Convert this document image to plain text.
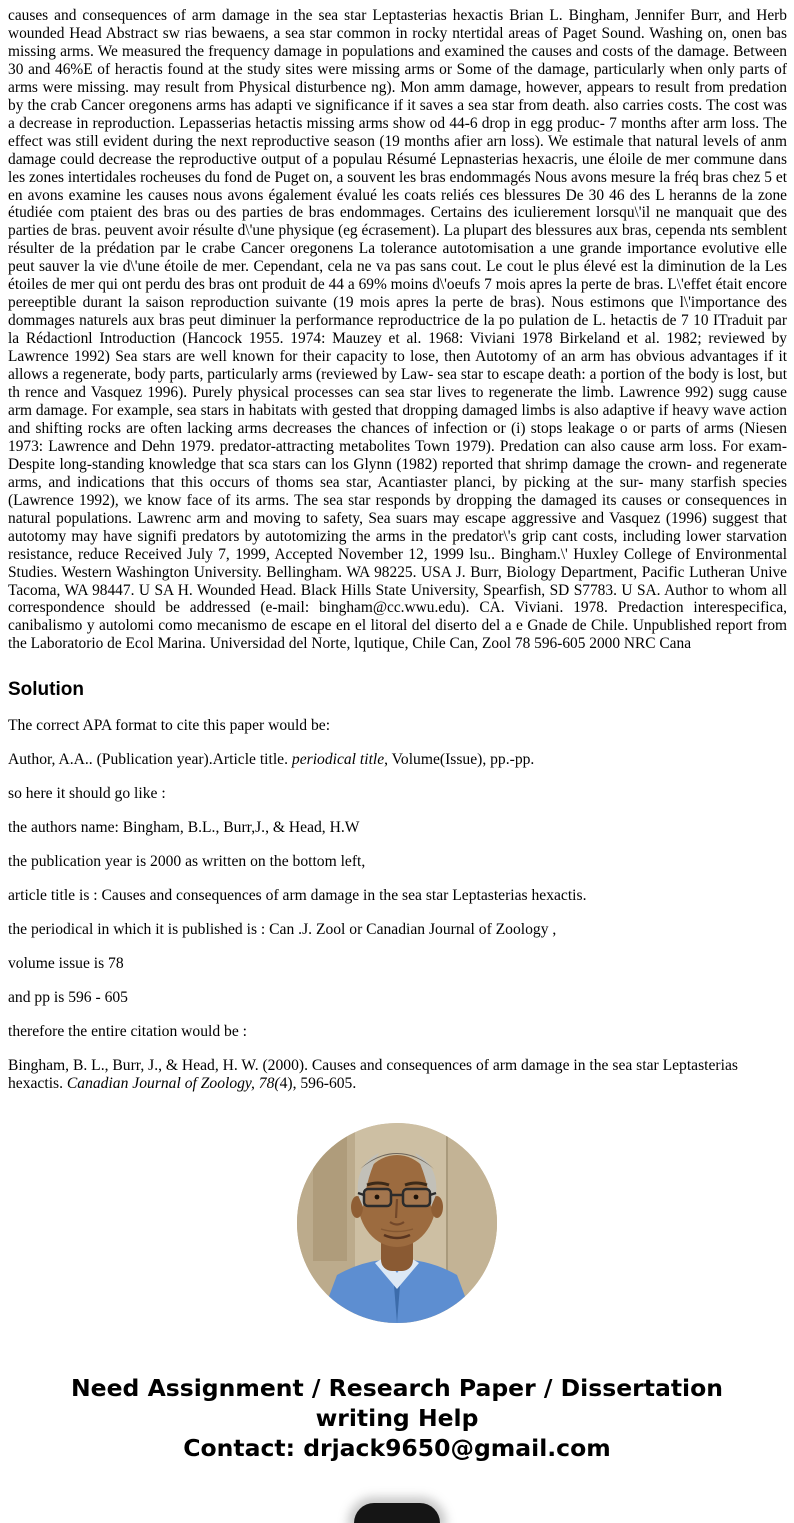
causes and consequences of arm damage in the sea star Leptasterias hexactis Brian L. Bingham, Jennifer Burr, and Herb wounded Head Abstract sw rias bewaens, a sea star common in rocky ntertidal areas of Paget Sound. Washing on, onen bas missing arms. We measured the frequency damage in populations and examined the causes and costs of the damage. Between 30 and 46%E of heractis found at the study sites were missing arms or Some of the damage, particularly when only parts of arms were missing. may result from Physical disturbence ng). Mon amm damage, however, appears to result from predation by the crab Cancer oregonens arms has adapti ve significance if it saves a sea star from death. also carries costs. The cost was a decrease in reproduction. Lepasserias hetactis missing arms show od 44-6 drop in egg produc- 7 months after arm loss. The effect was still evident during the next reproductive season (19 months afier arn loss). We estimale that natural levels of anm damage could decrease the reproductive output of a populau Résumé Lepnasterias hexacris, une éloile de mer commune dans les zones intertidales rocheuses du fond de Puget on, a souvent les bras endommagés Nous avons mesure la fréq bras chez 5 et en avons examine les causes nous avons également évalué les coats reliés ces blessures De 30 46 des L heranns de la zone étudiée com ptaient des bras ou des parties de bras endommages. Certains des iculierement lorsqu\'il ne manquait que des parties de bras. peuvent avoir résulte d\'une physique (eg écrasement). La plupart des blessures aux bras, cependa nts semblent résulter de la prédation par le crabe Cancer oregonens La tolerance autotomisation a une grande importance evolutive elle peut sauver la vie d\'une étoile de mer. Cependant, cela ne va pas sans cout. Le cout le plus élevé est la diminution de la Les étoiles de mer qui ont perdu des bras ont produit de 44 a 69% moins d\'oeufs 7 mois apres la perte de bras. L\'effet était encore pereeptible durant la saison reproduction suivante (19 mois apres la perte de bras). Nous estimons que l\'importance des dommages naturels aux bras peut diminuer la performance reproductrice de la po pulation de L. hetactis de 7 10 ITraduit par la Rédactionl Introduction (Hancock 1955. 1974: Mauzey et al. 1968: Viviani 1978 Birkeland et al. 1982; reviewed by Lawrence 1992) Sea stars are well known for their capacity to lose, then Autotomy of an arm has obvious advantages if it allows a regenerate, body parts, particularly arms (reviewed by Law- sea star to escape death: a portion of the body is lost, but th rence and Vasquez 1996). Purely physical processes can sea star lives to regenerate the limb. Lawrence 992) sugg cause arm damage. For example, sea stars in habitats with gested that dropping damaged limbs is also adaptive if heavy wave action and shifting rocks are often lacking arms decreases the chances of infection or (i) stops leakage o or parts of arms (Niesen 1973: Lawrence and Dehn 1979. predator-attracting metabolites Town 1979). Predation can also cause arm loss. For exam- Despite long-standing knowledge that sca stars can los Glynn (1982) reported that shrimp damage the crown- and regenerate arms, and indications that this occurs of thoms sea star, Acantiaster planci, by picking at the sur- many starfish species (Lawrence 1992), we know face of its arms. The sea star responds by dropping the damaged its causes or consequences in natural populations. Lawrenc arm and moving to safety, Sea suars may escape aggressive and Vasquez (1996) suggest that autotomy may have signifi predators by autotomizing the arms in the predator\'s grip cant costs, including lower starvation resistance, reduce Received July 7, 1999, Accepted November 12, 1999 lsu.. Bingham.\' Huxley College of Environmental Studies. Western Washington University. Bellingham. WA 98225. USA J. Burr, Biology Department, Pacific Lutheran Unive Tacoma, WA 98447. U SA H. Wounded Head. Black Hills State University, Spearfish, SD S7783. U SA. Author to whom all correspondence should be addressed (e-mail: bingham@cc.wwu.edu). CA. Viviani. 1978. Predaction interespecifica, canibalismo y autolomi como mecanismo de escape en el litoral del diserto del a e Gnade de Chile. Unpublished report from the Laboratorio de Ecol Marina. Universidad del Norte, lqutique, Chile Can, Zool 78 596-605 2000 NRC Cana

Solution

The correct APA format to cite this paper would be:

Author, A.A.. (Publication year).Article title. periodical title, Volume(Issue), pp.-pp.

so here it should go like :

the authors name: Bingham, B.L., Burr,J., & Head, H.W

the publication year is 2000 as written on the bottom left,

article title is : Causes and consequences of arm damage in the sea star Leptasterias hexactis.

the periodical in which it is published is : Can .J. Zool or Canadian Journal of Zoology ,

volume issue is 78

and pp is 596 - 605

therefore the entire citation would be :

Bingham, B. L., Burr, J., & Head, H. W. (2000). Causes and consequences of arm damage in the sea star Leptasterias hexactis. Canadian Journal of Zoology, 78(4), 596-605.

Need Assignment / Research Paper / Dissertation
writing Help
Contact: drjack9650@gmail.com
